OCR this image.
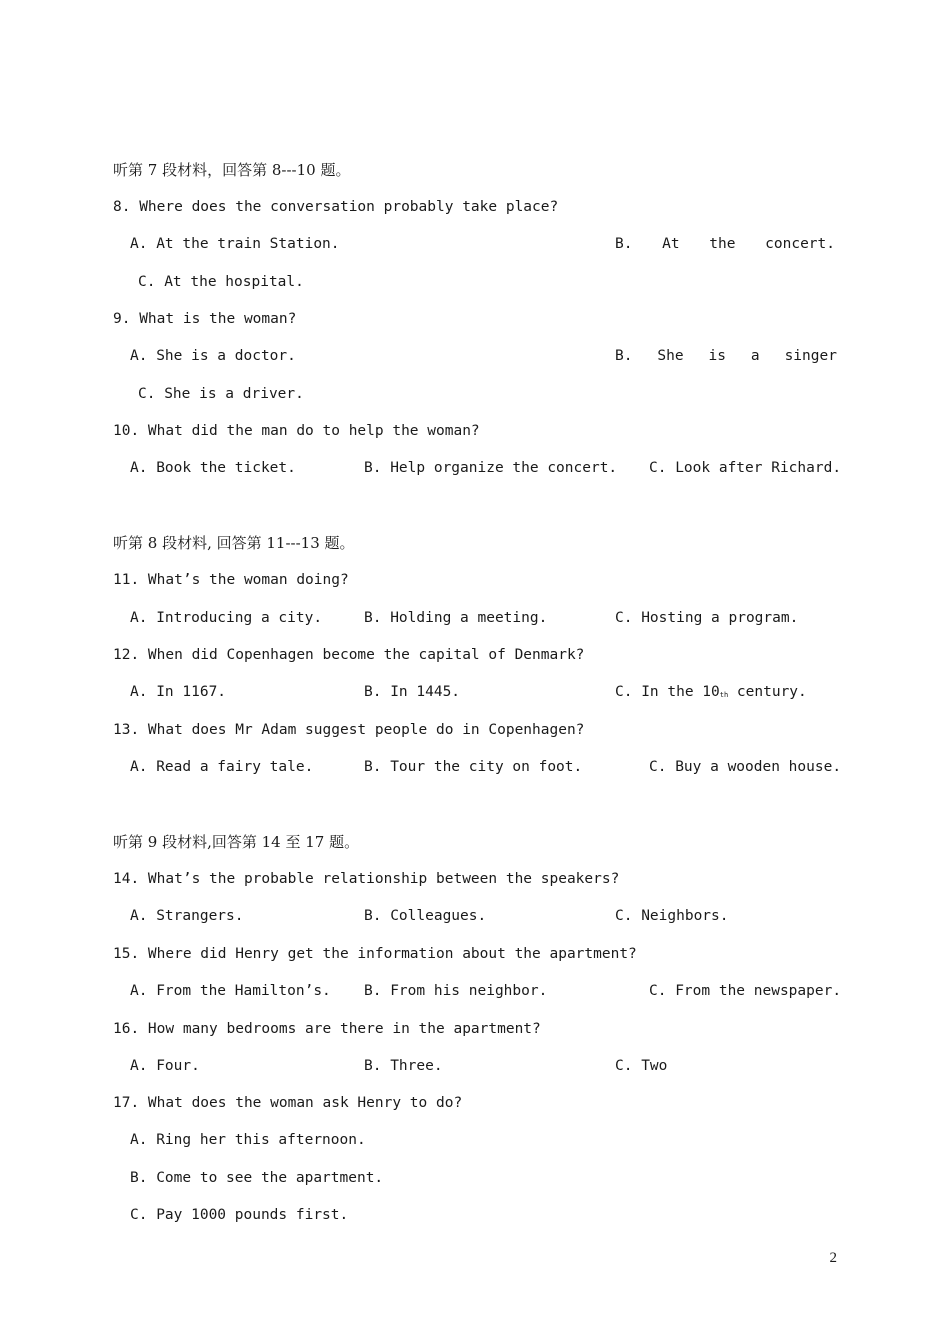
听第 7 段材料，回答第 8---10 题。
8. Where does the conversation probably take place?
A. At the train Station.	B. At the concert.
C. At the hospital.
9. What is the woman?
A. She is a doctor.	B. She is a singer
C. She is a driver.
10. What did the man do to help the woman?
A. Book the ticket.	B. Help organize the concert. C. Look after Richard.
听第 8 段材料, 回答第 11---13 题。
11. What’s the woman doing?
A. Introducing a city.	B. Holding a meeting.	C. Hosting a program.
12. When did Copenhagen become the capital of Denmark?
A. In 1167.	B. In 1445.	C. In the 10th century.
13. What does Mr Adam suggest people do in Copenhagen?
A. Read a fairy tale.	B. Tour the city on foot.	C. Buy a wooden house.
听第 9 段材料,回答第 14 至 17 题。
14. What’s the probable relationship between the speakers?
A. Strangers.	B. Colleagues.	C. Neighbors.
15. Where did Henry get the information about the apartment?
A. From the Hamilton’s. B. From his neighbor.	C. From the newspaper.
16. How many bedrooms are there in the apartment?
A. Four.	B. Three.	C. Two
17. What does the woman ask Henry to do?
A. Ring her this afternoon.
B. Come to see the apartment.
C. Pay 1000 pounds first.
2
